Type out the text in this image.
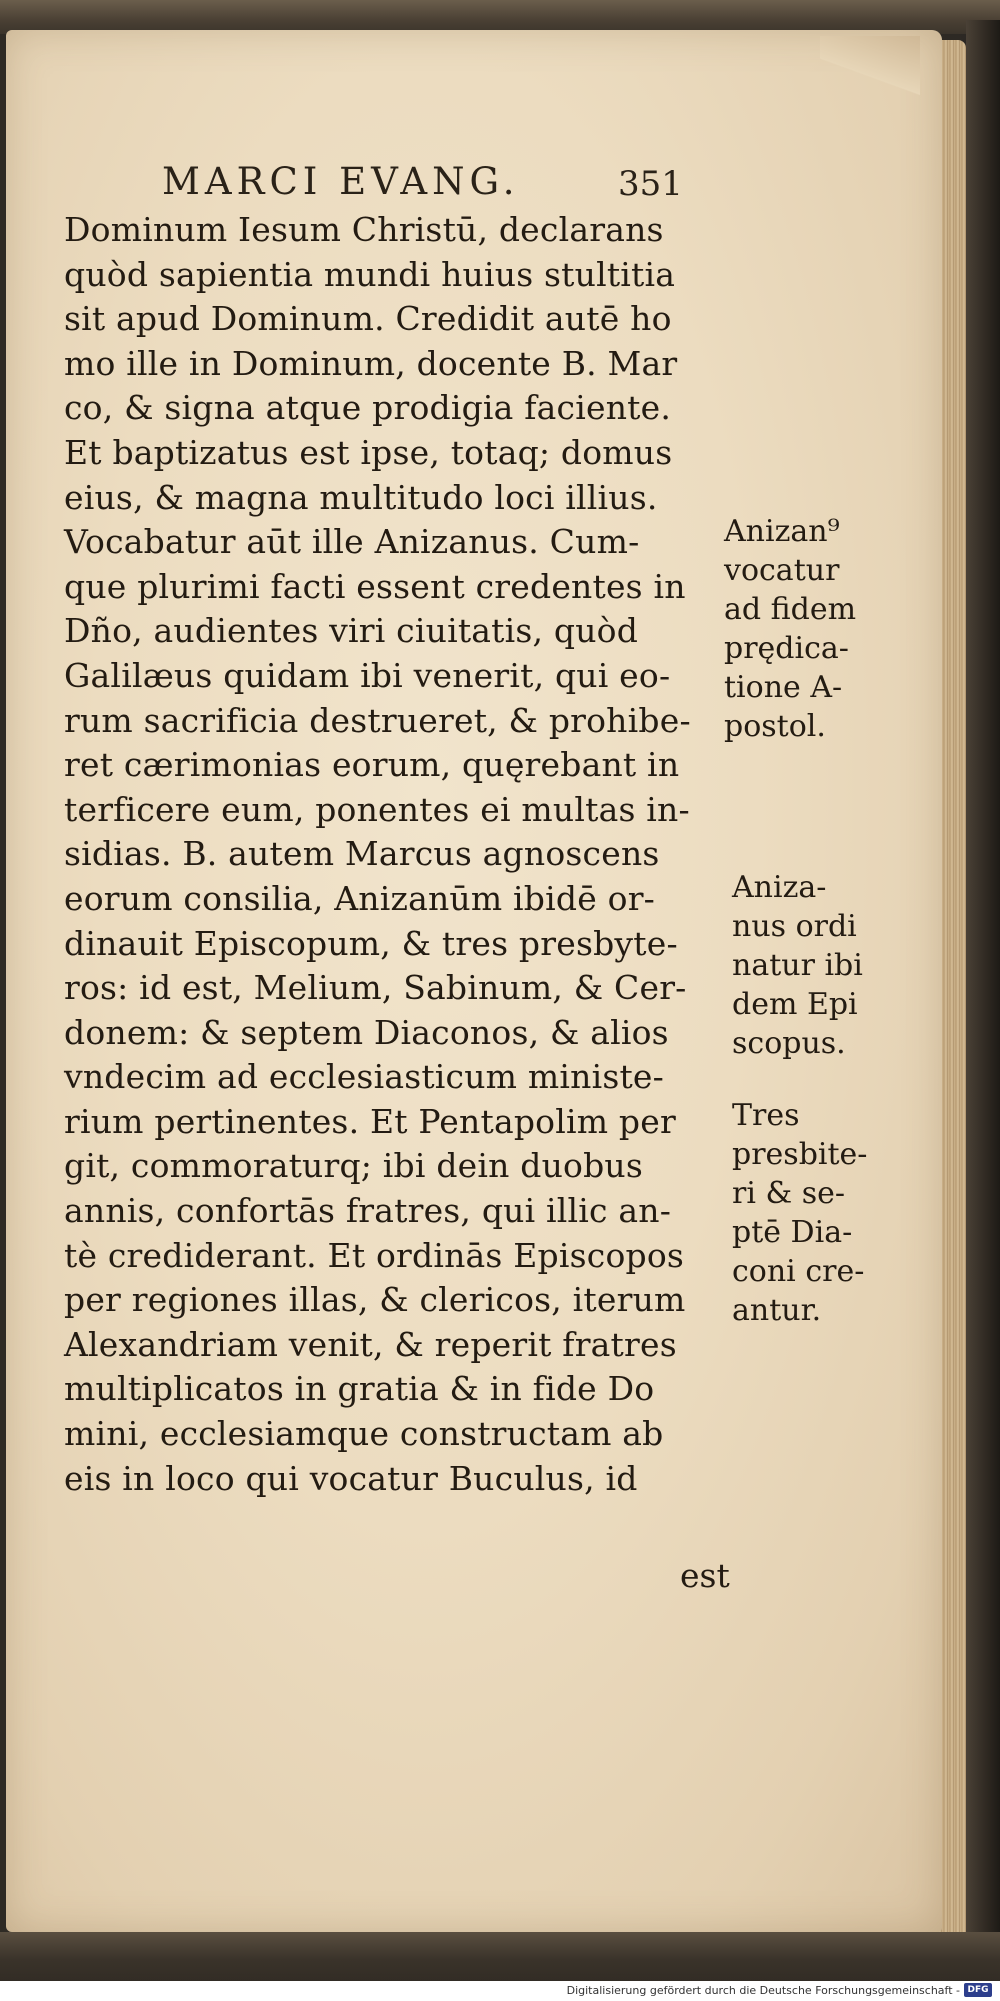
MARCI EVANG.	351
Dominum Iesum Christū, declarans
quòd sapientia mundi huius stultitia
sit apud Dominum. Credidit autē ho
mo ille in Dominum, docente B. Mar
co, & signa atque prodigia faciente.
Et baptizatus est ipse, totaq; domus
eius, & magna multitudo loci illius.
Vocabatur aūt ille Anizanus. Cum-
que plurimi facti essent credentes in
Dño, audientes viri ciuitatis, quòd
Galilæus quidam ibi venerit, qui eo-
rum sacrificia destrueret, & prohibe-
ret cærimonias eorum, quęrebant in
terficere eum, ponentes ei multas in-
sidias. B. autem Marcus agnoscens
eorum consilia, Anizanūm ibidē or-
dinauit Episcopum, & tres presbyte-
ros: id est, Melium, Sabinum, & Cer-
donem: & septem Diaconos, & alios
vndecim ad ecclesiasticum ministe-
rium pertinentes. Et Pentapolim per
git, commoraturq; ibi dein duobus
annis, confortās fratres, qui illic an-
tè crediderant. Et ordinās Episcopos
per regiones illas, & clericos, iterum
Alexandriam venit, & reperit fratres
multiplicatos in gratia & in fide Do
mini, ecclesiamque constructam ab
eis in loco qui vocatur Buculus, id
est
Anizan⁹
vocatur
ad fidem
prędica-
tione A-
postol.
Aniza-
nus ordi
natur ibi
dem Epi
scopus.
Tres
presbite-
ri & se-
ptē Dia-
coni cre-
antur.
Digitalisierung gefördert durch die Deutsche Forschungsgemeinschaft - DFG
